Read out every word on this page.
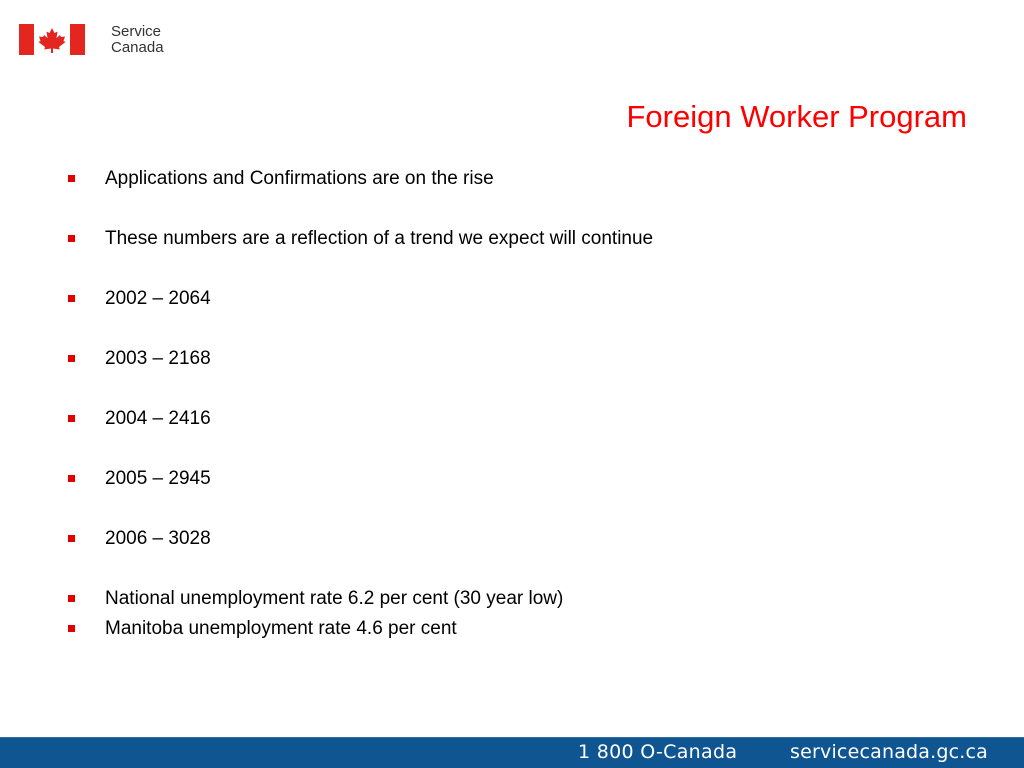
Service
Canada
Foreign Worker Program
Applications and Confirmations are on the rise
These numbers are a reflection of a trend we expect will continue
2002 – 2064
2003 – 2168
2004 – 2416
2005 – 2945
2006 – 3028
National unemployment rate 6.2 per cent (30 year low)
Manitoba unemployment rate 4.6 per cent
1 800 O-Canada	servicecanada.gc.ca
